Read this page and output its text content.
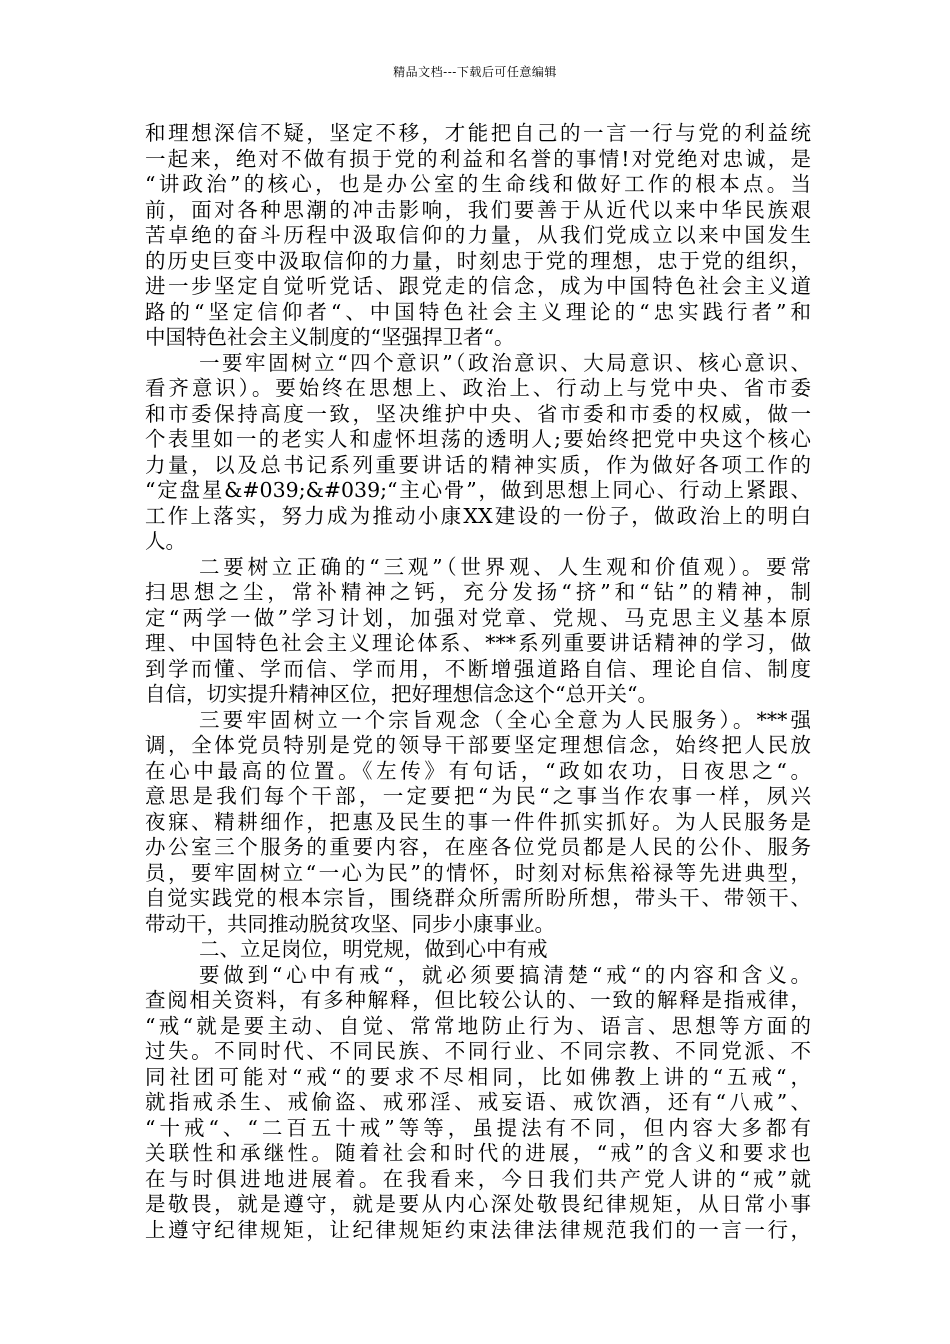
精品文档---下载后可任意编辑
和理想深信不疑，坚定不移，才能把自己的一言一行与党的利益统
一起来，绝对不做有损于党的利益和名誉的事情!对党绝对忠诚，是
“讲政治”的核心，也是办公室的生命线和做好工作的根本点。当
前，面对各种思潮的冲击影响，我们要善于从近代以来中华民族艰
苦卓绝的奋斗历程中汲取信仰的力量，从我们党成立以来中国发生
的历史巨变中汲取信仰的力量，时刻忠于党的理想，忠于党的组织，
进一步坚定自觉听党话、跟党走的信念，成为中国特色社会主义道
路的“坚定信仰者“、中国特色社会主义理论的“忠实践行者”和
中国特色社会主义制度的“坚强捍卫者“。
一要牢固树立“四个意识”（政治意识、大局意识、核心意识、
看齐意识）。要始终在思想上、政治上、行动上与党中央、省市委
和市委保持高度一致，坚决维护中央、省市委和市委的权威，做一
个表里如一的老实人和虚怀坦荡的透明人;要始终把党中央这个核心
力量，以及总书记系列重要讲话的精神实质，作为做好各项工作的
“定盘星&#039;&#039;“主心骨”，做到思想上同心、行动上紧跟、
工作上落实，努力成为推动小康XX建设的一份子，做政治上的明白
人。
二要树立正确的“三观”（世界观、人生观和价值观）。要常
扫思想之尘，常补精神之钙，充分发扬“挤”和“钻”的精神，制
定“两学一做”学习计划，加强对党章、党规、马克思主义基本原
理、中国特色社会主义理论体系、***系列重要讲话精神的学习，做
到学而懂、学而信、学而用，不断增强道路自信、理论自信、制度
自信，切实提升精神区位，把好理想信念这个“总开关“。
三要牢固树立一个宗旨观念（全心全意为人民服务）。***强
调，全体党员特别是党的领导干部要坚定理想信念，始终把人民放
在心中最高的位置。《左传》有句话，“政如农功，日夜思之“。
意思是我们每个干部，一定要把“为民“之事当作农事一样，夙兴
夜寐、精耕细作，把惠及民生的事一件件抓实抓好。为人民服务是
办公室三个服务的重要内容，在座各位党员都是人民的公仆、服务
员，要牢固树立“一心为民”的情怀，时刻对标焦裕禄等先进典型，
自觉实践党的根本宗旨，围绕群众所需所盼所想，带头干、带领干、
带动干，共同推动脱贫攻坚、同步小康事业。
二、立足岗位，明党规，做到心中有戒
要做到“心中有戒“，就必须要搞清楚“戒“的内容和含义。
查阅相关资料，有多种解释，但比较公认的、一致的解释是指戒律，
“戒“就是要主动、自觉、常常地防止行为、语言、思想等方面的
过失。不同时代、不同民族、不同行业、不同宗教、不同党派、不
同社团可能对“戒“的要求不尽相同，比如佛教上讲的“五戒“，
就指戒杀生、戒偷盗、戒邪淫、戒妄语、戒饮酒，还有“八戒”、
“十戒“、“二百五十戒”等等，虽提法有不同，但内容大多都有
关联性和承继性。随着社会和时代的进展，“戒”的含义和要求也
在与时俱进地进展着。在我看来，今日我们共产党人讲的“戒”就
是敬畏，就是遵守，就是要从内心深处敬畏纪律规矩，从日常小事
上遵守纪律规矩，让纪律规矩约束法律法律规范我们的一言一行，
